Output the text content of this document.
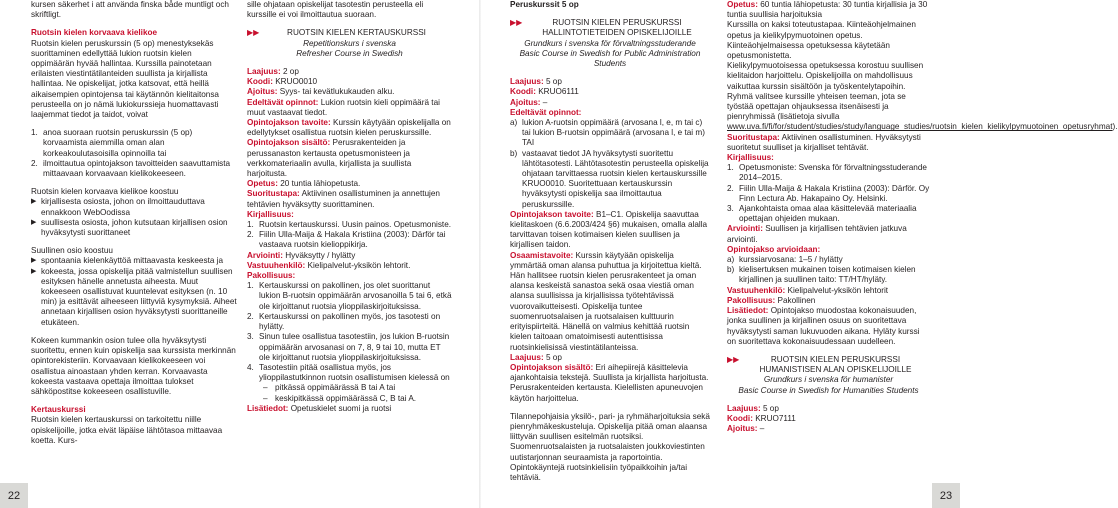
kursen säkerhet i att använda finska både muntligt och skriftligt.

Ruotsin kielen korvaava kielikoe

Ruotsin kielen peruskurssin (5 op) menestyksekäs suorittaminen edellyttää lukion ruotsin kielen oppimäärän hyvää hallintaa. Kurssilla painotetaan erilaisten viestintätilanteiden suullista ja kirjallista hallintaa. Ne opiskelijat, jotka katsovat, että heillä aikaisempien opintojensa tai käytännön kielitaitonsa perusteella on jo nämä lukiokurssieja huomattavasti laajemmat tiedot ja taidot, voivat

1. anoa suoraan ruotsin peruskurssin (5 op) korvaamista aiemmilla oman alan korkeakoulutasoisilla opinnoilla tai
2. ilmoittautua opintojakson tavoitteiden saavuttamista mittaavaan korvaavaan kielikokeeseen.

Ruotsin kielen korvaava kielikoe koostuu

▶ kirjallisesta osiosta, johon on ilmoittauduttava ennakkoon WebOodissa
▶ suullisesta osiosta, johon kutsutaan kirjallisen osion hyväksytysti suorittaneet

Suullinen osio koostuu

▶ spontaania kielenkäyttöä mittaavasta keskeesta ja
▶ kokeesta, jossa opiskelija pitää valmistellun suullisen esityksen hänelle annetusta aiheesta. Muut kokeeseen osallistuvat kuuntelevat esityksen (n. 10 min) ja esittävät aiheeseen liittyviä kysymyksiä. Aiheet annetaan kirjallisen osion hyväksytysti suorittaneille etukäteen.

Kokeen kummankin osion tulee olla hyväksytysti suoritettu, ennen kuin opiskelija saa kurssista merkinnän opintorekisteriin. Korvaavaan kielikokeeseen voi osallistua ainoastaan yhden kerran. Korvaavasta kokeesta vastaava opettaja ilmoittaa tulokset sähköpostitse kokeeseen osallistuville.

Kertauskurssi

Ruotsin kielen kertauskurssi on tarkoitettu niille opiskelijoille, jotka eivät läpäise lähtötasoa mittaavaa koetta. Kurs-

sille ohjataan opiskelijat tasotestin perusteella eli kurssille ei voi ilmoittautua suoraan.

▶▶	RUOTSIN KIELEN KERTAUSKURSSI
Repetitionskurs i svenska
Refresher Course in Swedish

Laajuus: 2 op

Koodi: KRUO0010

Ajoitus: Syys- tai kevätlukukauden alku.

Edeltävät opinnot: Lukion ruotsin kieli oppimäärä tai muut vastaavat tiedot.

Opintojakson tavoite: Kurssin käytyään opiskelijalla on edellytykset osallistua ruotsin kielen peruskurssille.

Opintojakson sisältö: Perusrakenteiden ja perussanaston kertausta opetusmonisteen ja verkkomateriaalin avulla, kirjallista ja suullista harjoitusta.

Opetus: 20 tuntia lähiopetusta.

Suoritustapa: Aktiivinen osallistuminen ja annettujen tehtävien hyväksytty suorittaminen.

Kirjallisuus:

1. Ruotsin kertauskurssi. Uusin painos. Opetusmoniste.
2. Fiilin Ulla-Maija & Hakala Kristiina (2003): Därför tai vastaava ruotsin kielioppikirja.

Arviointi: Hyväksytty / hylätty

Vastuuhenkilö: Kielipalvelut-yksikön lehtorit.

Pakollisuus:

1. Kertauskurssi on pakollinen, jos olet suorittanut lukion B-ruotsin oppimäärän arvosanoilla 5 tai 6, etkä ole kirjoittanut ruotsia ylioppilaskirjoituksissa.
2. Kertauskurssi on pakollinen myös, jos tasotesti on hylätty.
3. Sinun tulee osallistua tasotestiin, jos lukion B-ruotsin oppimäärän arvosanasi on 7, 8, 9 tai 10, mutta ET ole kirjoittanut ruotsia ylioppilaskirjoituksissa.
4. Tasotestiin pitää osallistua myös, jos ylioppilastutkinnon ruotsin osallistumisen kielessä on
– pitkässä oppimäärässä B tai A tai
– keskipitkässä oppimäärässä C, B tai A.

Lisätiedot: Opetuskielet suomi ja ruotsi

Peruskurssit 5 op

▶▶	RUOTSIN KIELEN PERUSKURSSI HALLINTOTIETEIDEN OPISKELIJOILLE
Grundkurs i svenska för förvaltningsstuderande
Basic Course in Swedish for Public Administration Students

Laajuus: 5 op

Koodi: KRUO6111

Ajoitus: –

Edeltävät opinnot:

a) lukion A-ruotsin oppimäärä (arvosana l, e, m tai c) tai lukion B-ruotsin oppimäärä (arvosana l, e tai m) TAI
b) vastaavat tiedot JA hyväksytysti suoritettu lähtötasotesti. Lähtötasotestin perusteella opiskelija ohjataan tarvittaessa ruotsin kielen kertauskurssille KRUO0010. Suoritettuaan kertauskurssin hyväksytysti opiskelija saa ilmoittautua peruskurssille.

Opintojakson tavoite: B1–C1. Opiskelija saavuttaa kielitaskoen (6.6.2003/424 §6) mukaisen, omalla alalla tarvittavan toisen kotimaisen kielen suullisen ja kirjallisen taidon.

Osaamistavoite: Kurssin käytyään opiskelija ymmärtää oman alansa puhuttua ja kirjoitettua kieltä. Hän hallitsee ruotsin kielen perusrakenteet ja oman alansa keskeistä sanastoa sekä osaa viestiä oman alansa suullisissa ja kirjallisissa työtehtävissä vuorovaikutteisesti. Opiskelija tuntee suomenruotsalaisen ja ruotsalaisen kulttuurin erityispiirteitä. Hänellä on valmius kehittää ruotsin kielen taitoaan omatoimisesti autenttisissa ruotsinkielisissä viestintätilanteissa.

Laajuus: 5 op

Opintojakson sisältö: Eri aihepiirejä käsittelevia ajankohtaisia tekstejä. Suullista ja kirjallista harjoitusta. Perusrakenteiden kertausta. Kielellisten apuneuvojen käytön harjoittelua.

Tilannepohjaisia yksilö-, pari- ja ryhmäharjoituksia sekä pienryhmäkeskusteluja. Opiskelija pitää oman alaansa liittyvän suullisen esitelmän ruotsiksi. Suomenruotsalaisten ja ruotsalaisten joukkoviestinten uutistarjonnan seuraamista ja raportointia.

Opintokäyntejä ruotsinkielisiin työpaikkoihin ja/tai tehtäviä.

Opetus: 60 tuntia lähiopetusta: 30 tuntia kirjallisia ja 30 tuntia suullisia harjoituksia

Kurssilla on kaksi toteutustapaa. Kiinteäohjelmainen opetus ja kielikylpymuotoinen opetus.

Kiinteäohjelmaisessa opetuksessa käytetään opetusmonistetta.

Kielikylpymuotoisessa opetuksessa korostuu suullisen kielitaidon harjoittelu. Opiskelijoilla on mahdollisuus vaikuttaa kurssin sisältöön ja työskentelytapoihin. Ryhmä valitsee kurssille yhteisen teeman, jota se työstää opettajan ohjauksessa itsenäisesti ja pienryhmissä (lisätietoja sivulla www.uva.fi/fi/for/student/studies/study/language_studies/ruotsin_kielen_kielikylpymuotoinen_opetusryhmat).

Suoritustapa: Aktiivinen osallistuminen. Hyväksytysti suoritetut suulliset ja kirjalliset tehtävät.

Kirjallisuus:

1. Opetusmoniste: Svenska för förvaltningsstuderande 2014–2015.
2. Fiilin Ulla-Maija & Hakala Kristiina (2003): Därför. Oy Finn Lectura Ab. Hakapaino Oy. Helsinki.
3. Ajankohtaista omaa alaa käsittelevää materiaalia opettajan ohjeiden mukaan.

Arviointi: Suullisen ja kirjallisen tehtävien jatkuva arviointi.

Opintojakso arvioidaan:

a) kurssiarvosana: 1–5 / hylätty
b) kielisertuksen mukainen toisen kotimaisen kielen kirjallinen ja suullinen taito: TT/HT/hyläty.

Vastuuhenkilö: Kielipalvelut-yksikön lehtorit

Pakollisuus: Pakollinen

Lisätiedot: Opintojakso muodostaa kokonaisuuden, jonka suullinen ja kirjallinen osuus on suoritettava hyväksytysti saman lukuvuoden aikana. Hyläty kurssi on suoritettava kokonaisuudessaan uudelleen.

▶▶	RUOTSIN KIELEN PERUSKURSSI HUMANISTISEN ALAN OPISKELIJOILLE
Grundkurs i svenska för humanister
Basic Course in Swedish for Humanities Students

Laajuus: 5 op

Koodi: KRUO7111

Ajoitus: –

22	23
